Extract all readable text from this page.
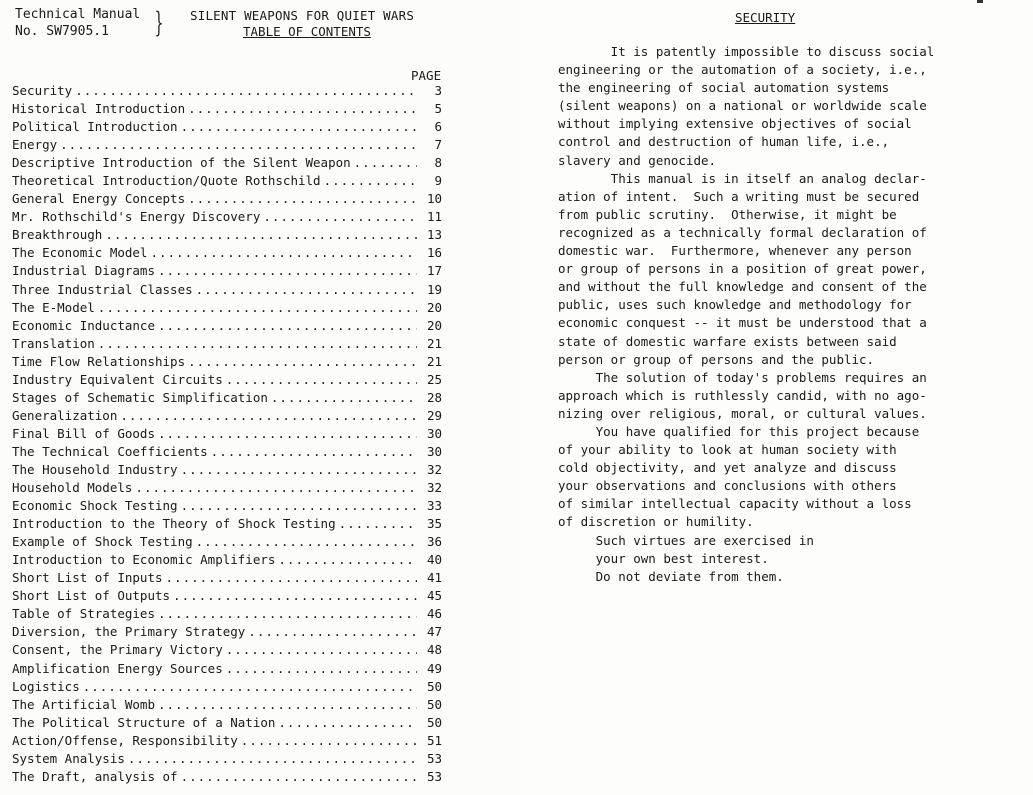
Technical Manual
No. SW7905.1	} SILENT WEAPONS FOR QUIET WARS
TABLE OF CONTENTS
PAGE
Security .....	3
Historical Introduction .....	5
Political Introduction .....	6
Energy .....	7
Descriptive Introduction of the Silent Weapon .....	8
Theoretical Introduction/Quote Rothschild .....	9
General Energy Concepts .....	10
Mr. Rothschild's Energy Discovery .....	11
Breakthrough .....	13
The Economic Model .....	16
Industrial Diagrams .....	17
Three Industrial Classes .....	19
The E-Model .....	20
Economic Inductance .....	20
Translation .....	21
Time Flow Relationships .....	21
Industry Equivalent Circuits .....	25
Stages of Schematic Simplification .....	28
Generalization .....	29
Final Bill of Goods .....	30
The Technical Coefficients .....	30
The Household Industry .....	32
Household Models .....	32
Economic Shock Testing .....	33
Introduction to the Theory of Shock Testing .....	35
Example of Shock Testing .....	36
Introduction to Economic Amplifiers .....	40
Short List of Inputs .....	41
Short List of Outputs .....	45
Table of Strategies .....	46
Diversion, the Primary Strategy .....	47
Consent, the Primary Victory .....	48
Amplification Energy Sources .....	49
Logistics .....	50
The Artificial Womb .....	50
The Political Structure of a Nation .....	50
Action/Offense, Responsibility .....	51
System Analysis .....	53
The Draft, analysis of .....	53
SECURITY
It is patently impossible to discuss social
engineering or the automation of a society, i.e.,
the engineering of social automation systems
(silent weapons) on a national or worldwide scale
without implying extensive objectives of social
control and destruction of human life, i.e.,
slavery and genocide.
This manual is in itself an analog declar-
ation of intent.  Such a writing must be secured
from public scrutiny.  Otherwise, it might be
recognized as a technically formal declaration of
domestic war.  Furthermore, whenever any person
or group of persons in a position of great power,
and without the full knowledge and consent of the
public, uses such knowledge and methodology for
economic conquest -- it must be understood that a
state of domestic warfare exists between said
person or group of persons and the public.
The solution of today's problems requires an
approach which is ruthlessly candid, with no ago-
nizing over religious, moral, or cultural values.
You have qualified for this project because
of your ability to look at human society with
cold objectivity, and yet analyze and discuss
your observations and conclusions with others
of similar intellectual capacity without a loss
of discretion or humility.
Such virtues are exercised in
your own best interest.
Do not deviate from them.
